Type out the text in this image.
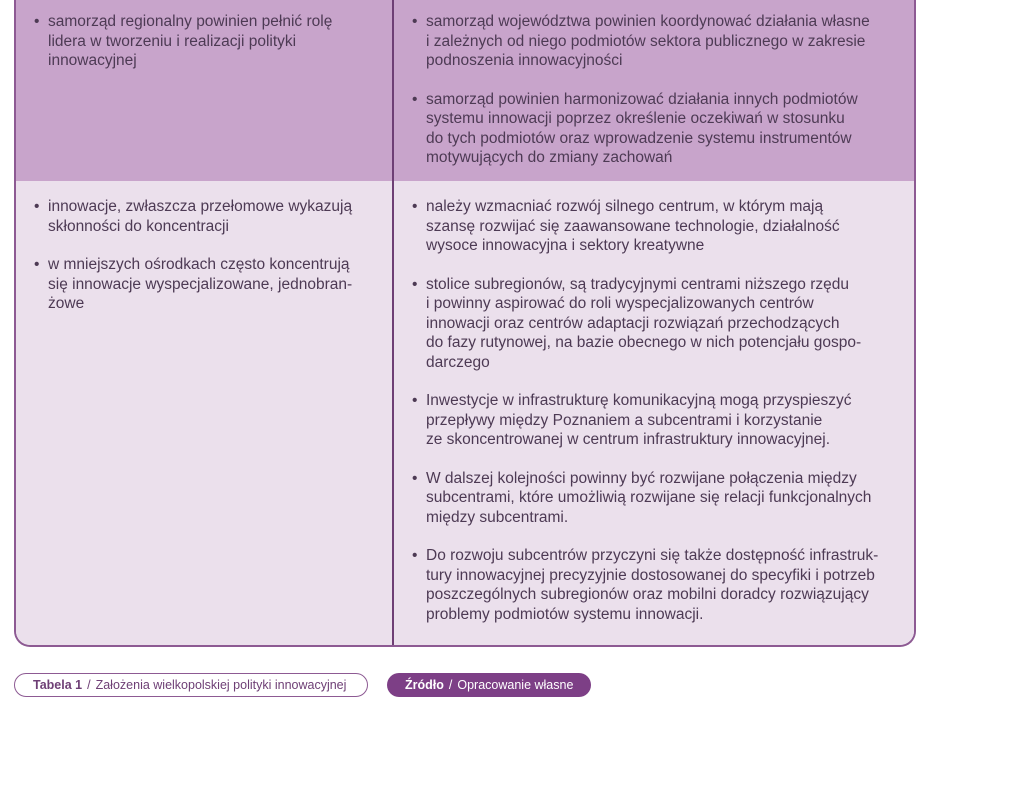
• samorząd regionalny powinien pełnić rolę
lidera w tworzeniu i realizacji polityki
innowacyjnej
• samorząd województwa powinien koordynować działania własne
i zależnych od niego podmiotów sektora publicznego w zakresie
podnoszenia innowacyjności
• samorząd powinien harmonizować działania innych podmiotów
systemu innowacji poprzez określenie oczekiwań w stosunku
do tych podmiotów oraz wprowadzenie systemu instrumentów
motywujących do zmiany zachowań
• innowacje, zwłaszcza przełomowe wykazują
skłonności do koncentracji
• w mniejszych ośrodkach często koncentrują
się innowacje wyspecjalizowane, jednobran-
żowe
• należy wzmacniać rozwój silnego centrum, w którym mają
szansę rozwijać się zaawansowane technologie, działalność
wysoce innowacyjna i sektory kreatywne
• stolice subregionów, są tradycyjnymi centrami niższego rzędu
i powinny aspirować do roli wyspecjalizowanych centrów
innowacji oraz centrów adaptacji rozwiązań przechodzących
do fazy rutynowej, na bazie obecnego w nich potencjału gospo-
darczego
• Inwestycje w infrastrukturę komunikacyjną mogą przyspieszyć
przepływy między Poznaniem a subcentrami i korzystanie
ze skoncentrowanej w centrum infrastruktury innowacyjnej.
• W dalszej kolejności powinny być rozwijane połączenia między
subcentrami, które umożliwią rozwijane się relacji funkcjonalnych
między subcentrami.
• Do rozwoju subcentrów przyczyni się także dostępność infrastruk-
tury innowacyjnej precyzyjnie dostosowanej do specyfiki i potrzeb
poszczególnych subregionów oraz mobilni doradcy rozwiązujący
problemy podmiotów systemu innowacji.
Tabela 1 / Założenia wielkopolskiej polityki innowacyjnej	Źródło / Opracowanie własne
